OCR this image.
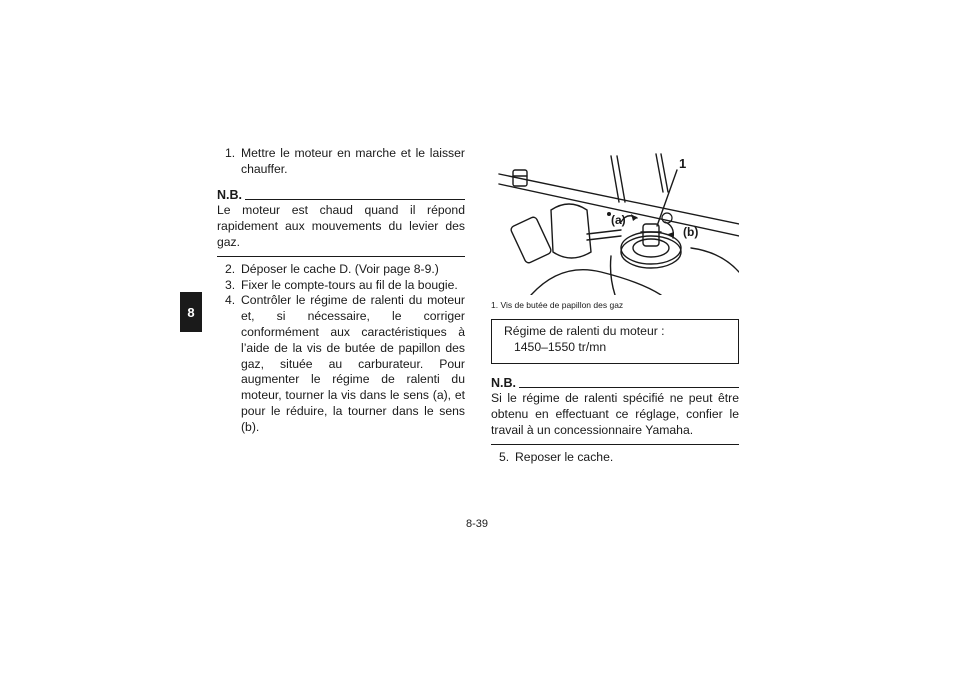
8
1. Mettre le moteur en marche et le laisser chauffer.
N.B.
Le moteur est chaud quand il répond rapidement aux mouvements du levier des gaz.
2. Déposer le cache D. (Voir page 8-9.)
3. Fixer le compte-tours au fil de la bougie.
4. Contrôler le régime de ralenti du moteur et, si nécessaire, le corriger conformément aux caractéristiques à l’aide de la vis de butée de papillon des gaz, située au carburateur. Pour augmenter le régime de ralenti du moteur, tourner la vis dans le sens (a), et pour le réduire, la tourner dans le sens (b).
1
(a)
(b)
1. Vis de butée de papillon des gaz
Régime de ralenti du moteur :
1450–1550 tr/mn
N.B.
Si le régime de ralenti spécifié ne peut être obtenu en effectuant ce réglage, confier le travail à un concessionnaire Yamaha.
5. Reposer le cache.
8-39
